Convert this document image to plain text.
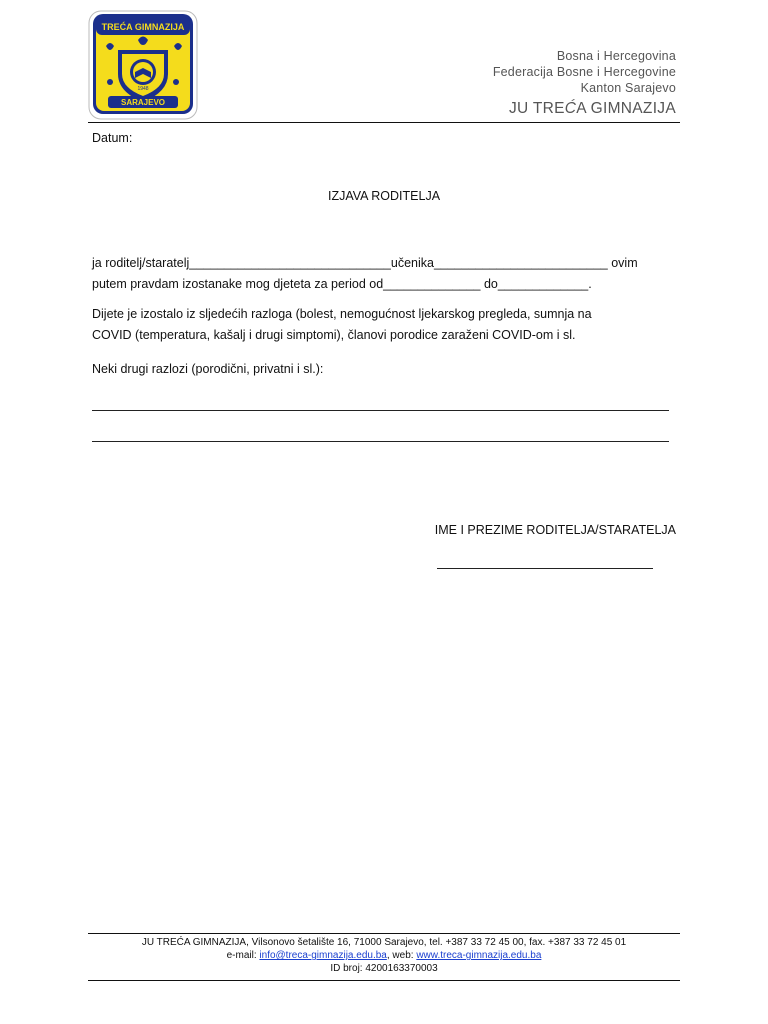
TREĆA GIMNAZIJA
1948
SARAJEVO
Bosna i Hercegovina
Federacija Bosne i Hercegovine
Kanton Sarajevo
JU TREĆA GIMNAZIJA
Datum:
IZJAVA RODITELJA
ja roditelj/staratelj_____________________________učenika_________________________ ovim
putem pravdam izostanake mog djeteta za period od______________ do_____________.
Dijete je izostalo iz sljedećih razloga (bolest, nemogućnost ljekarskog pregleda, sumnja na
COVID (temperatura, kašalj i drugi simptomi), članovi porodice zaraženi COVID-om i sl.
Neki drugi razlozi (porodični, privatni i sl.):
IME I PREZIME RODITELJA/STARATELJA
JU TREĆA GIMNAZIJA, Vilsonovo šetalište 16, 71000 Sarajevo, tel. +387 33 72 45 00, fax. +387 33 72 45 01
e-mail: info@treca-gimnazija.edu.ba, web: www.treca-gimnazija.edu.ba
ID broj: 4200163370003
